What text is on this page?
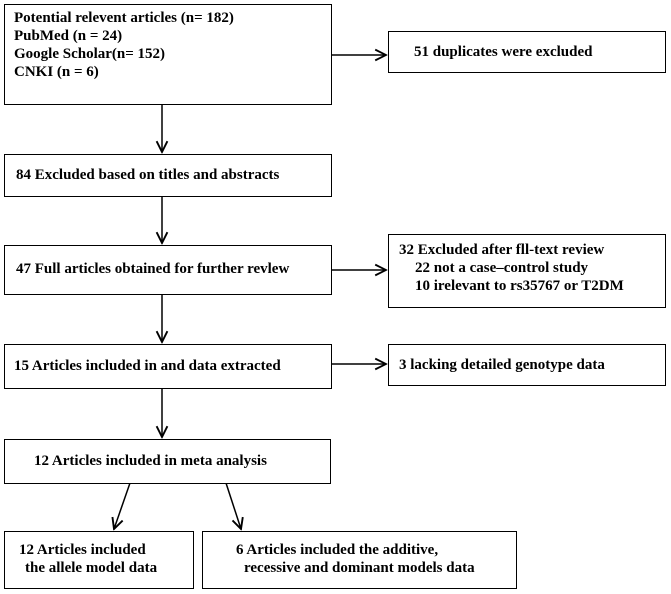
Potential relevent articles (n= 182)
PubMed (n = 24)
Google Scholar(n= 152)
CNKI (n = 6)
51 duplicates were excluded
84 Excluded based on titles and abstracts
47 Full articles obtained for further revlew
32 Excluded after fll-text review
22 not a case–control study
10 irelevant to rs35767 or T2DM
15 Articles included in and data extracted	3 lacking detailed genotype data
12 Articles included in meta analysis
12 Articles included
the allele model data
6 Articles included the additive,
recessive and dominant models data
